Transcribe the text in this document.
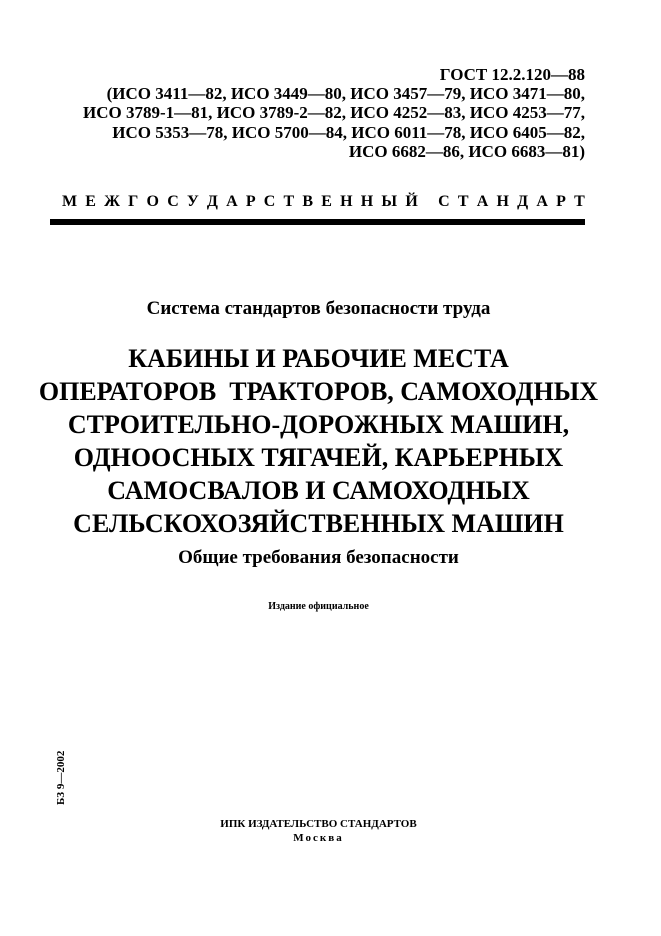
ГОСТ 12.2.120—88
(ИСО 3411—82, ИСО 3449—80, ИСО 3457—79, ИСО 3471—80,
ИСО 3789-1—81, ИСО 3789-2—82, ИСО 4252—83, ИСО 4253—77,
ИСО 5353—78, ИСО 5700—84, ИСО 6011—78, ИСО 6405—82,
ИСО 6682—86, ИСО 6683—81)
М Е Ж Г О С У Д А Р С Т В Е Н Н Ы Й
С Т А Н Д А Р Т
Система стандартов безопасности труда
КАБИНЫ И РАБОЧИЕ МЕСТА
ОПЕРАТОРОВ  ТРАКТОРОВ, САМОХОДНЫХ
СТРОИТЕЛЬНО-ДОРОЖНЫХ МАШИН,
ОДНООСНЫХ ТЯГАЧЕЙ, КАРЬЕРНЫХ
САМОСВАЛОВ И САМОХОДНЫХ
СЕЛЬСКОХОЗЯЙСТВЕННЫХ МАШИН
Общие требования безопасности
Издание официальное
БЗ 9—2002
ИПК ИЗДАТЕЛЬСТВО СТАНДАРТОВ
Москва
